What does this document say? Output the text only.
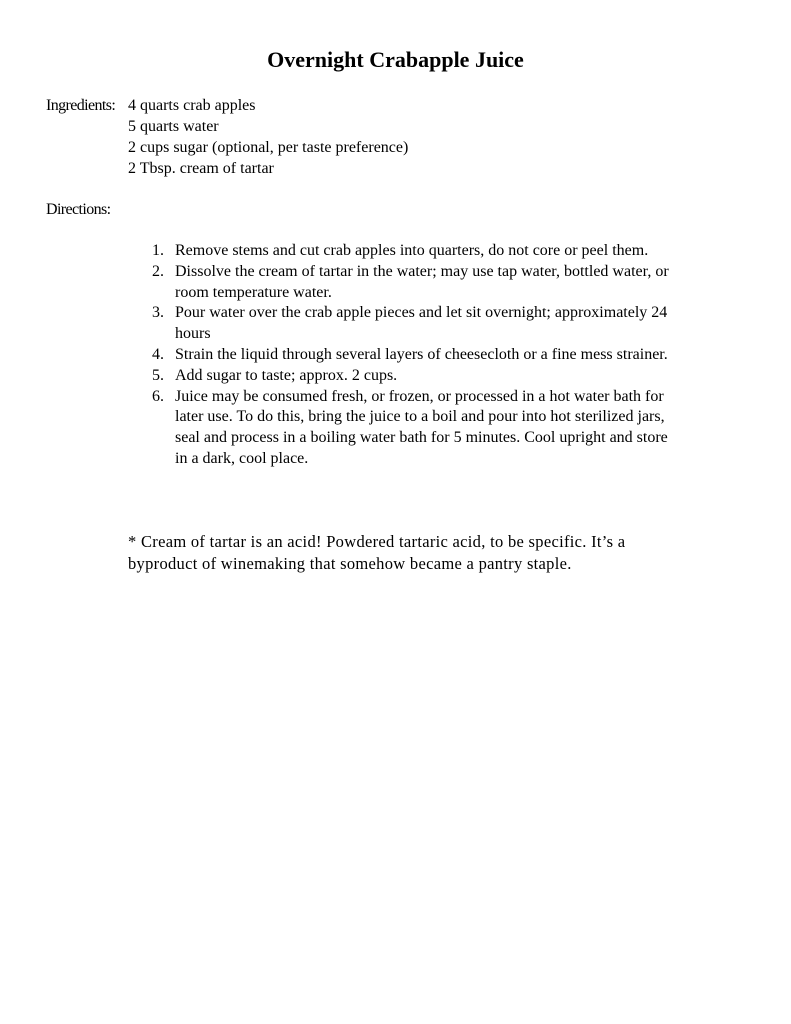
Overnight Crabapple Juice
Ingredients: 4 quarts crab apples
5 quarts water
2 cups sugar (optional, per taste preference)
2 Tbsp. cream of tartar
Directions:
1. Remove stems and cut crab apples into quarters, do not core or peel them.
2. Dissolve the cream of tartar in the water; may use tap water, bottled water, or room temperature water.
3. Pour water over the crab apple pieces and let sit overnight; approximately 24 hours
4. Strain the liquid through several layers of cheesecloth or a fine mess strainer.
5. Add sugar to taste; approx. 2 cups.
6. Juice may be consumed fresh, or frozen, or processed in a hot water bath for later use. To do this, bring the juice to a boil and pour into hot sterilized jars, seal and process in a boiling water bath for 5 minutes. Cool upright and store in a dark, cool place.

* Cream of tartar is an acid! Powdered tartaric acid, to be specific. It’s a byproduct of winemaking that somehow became a pantry staple.
